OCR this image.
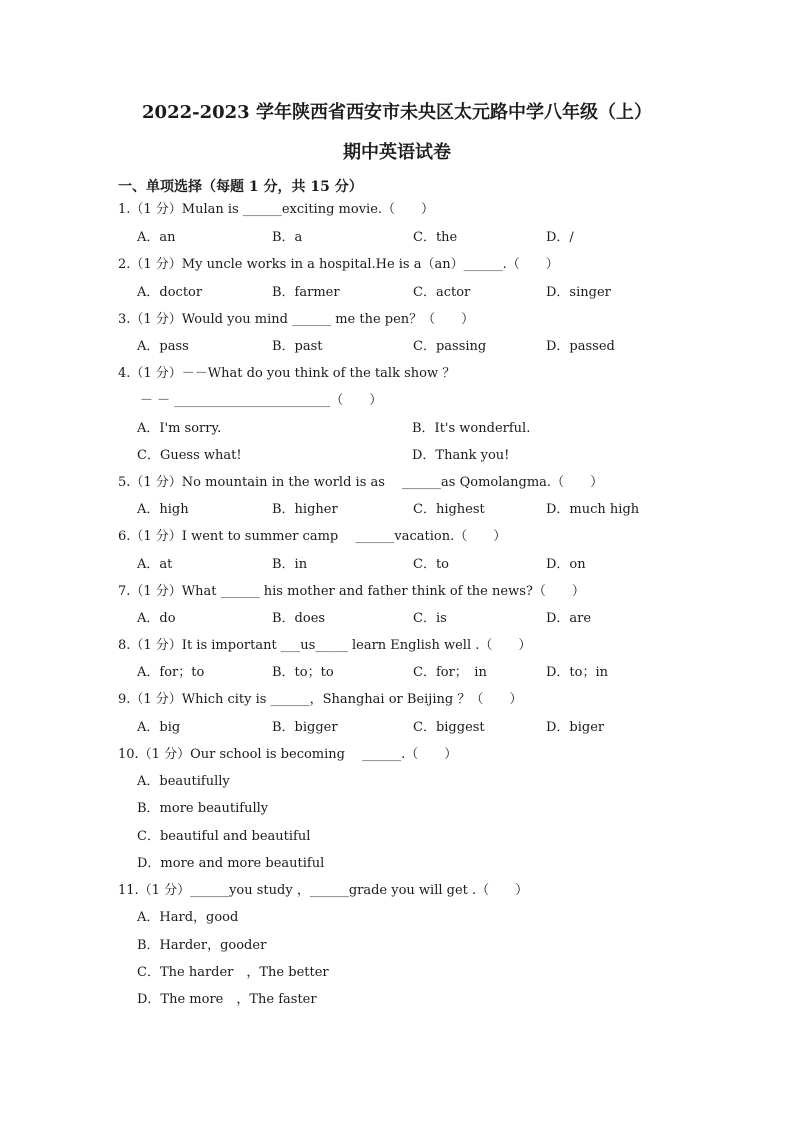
2022-2023 学年陕西省西安市未央区太元路中学八年级（上）
期中英语试卷
一、单项选择（每题 1 分，共 15 分）
1.（1 分）Mulan is ______exciting movie.（　　）
A．an	B．a	C．the	D．/
2.（1 分）My uncle works in a hospital.He is a（an）______.（　　）
A．doctor	B．farmer	C．actor	D．singer
3.（1 分）Would you mind ______ me the pen？（　　）
A．pass	B．past	C．passing	D．passed
4.（1 分）－－What do you think of the talk show ？
－ － ________________________（　　）
A．I'm sorry.	B．It's wonderful.
C．Guess what!	D．Thank you!
5.（1 分）No mountain in the world is as　 ______as Qomolangma.（　　）
A．high	B．higher	C．highest	D．much high
6.（1 分）I went to summer camp　 ______vacation.（　　）
A．at	B．in	C．to	D．on
7.（1 分）What ______ his mother and father think of the news?（　　）
A．do	B．does	C．is	D．are
8.（1 分）It is important ___us_____ learn English well .（　　）
A．for；to	B．to；to	C．for；　in	D．to；in
9.（1 分）Which city is ______，Shanghai or Beijing ？（　　）
A．big	B．bigger	C．biggest	D．biger
10.（1 分）Our school is becoming　 ______.（　　）
A．beautifully
B．more beautifully
C．beautiful and beautiful
D．more and more beautiful
11.（1 分）______you study ，______grade you will get .（　　）
A．Hard，good
B．Harder，gooder
C．The harder　，The better
D．The more　，The faster
